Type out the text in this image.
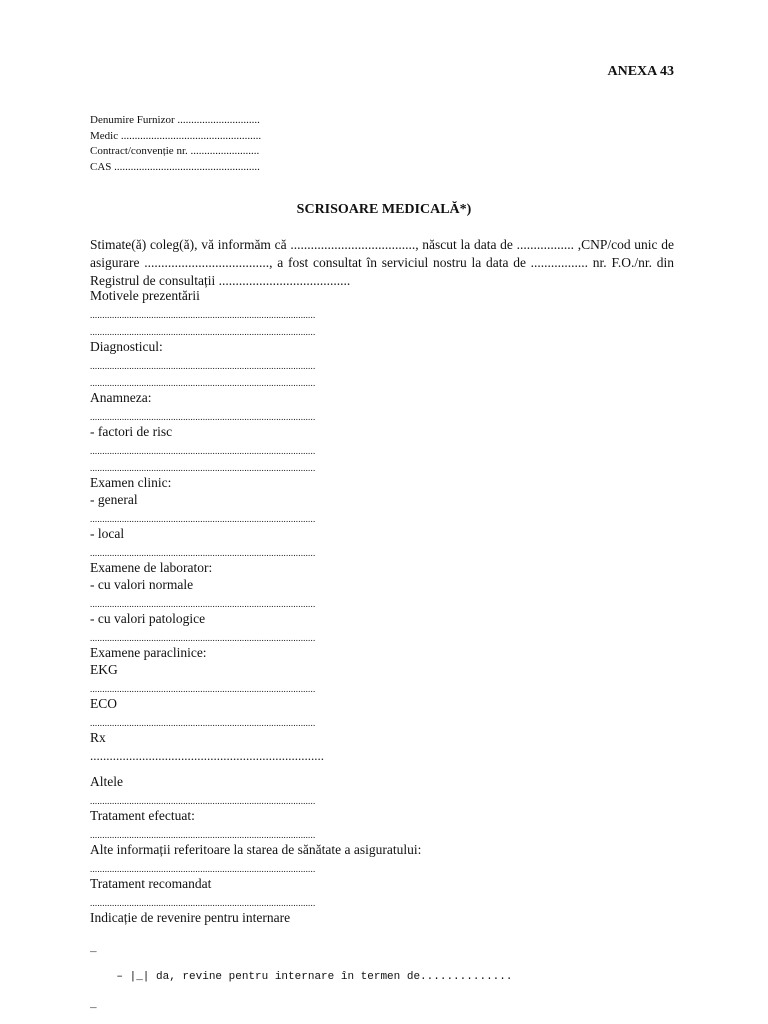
ANEXA 43
Denumire Furnizor ..............................
Medic ...................................................
Contract/convenție nr. .........................
CAS .....................................................
SCRISOARE MEDICALĂ*)
Stimate(ă) coleg(ă), vă informăm că ....................................., născut la data de ................. ,CNP/cod unic de asigurare ....................................., a fost consultat în serviciul nostru la data de ................. nr. F.O./nr. din Registrul de consultații .......................................
Motivele prezentării
............................................................................................
............................................................................................
Diagnosticul:
............................................................................................
............................................................................................
Anamneza:
............................................................................................
- factori de risc
............................................................................................
............................................................................................
Examen clinic:
- general
............................................................................................
- local
............................................................................................
Examene de laborator:
- cu valori normale
............................................................................................
- cu valori patologice
............................................................................................
Examene paraclinice:
EKG
............................................................................................
ECO
............................................................................................
Rx
........................................................................
Altele
............................................................................................
Tratament efectuat:
............................................................................................
Alte informații referitoare la starea de sănătate a asiguratului:
............................................................................................
Tratament recomandat
............................................................................................
Indicație de revenire pentru internare
_

– |_| da, revine pentru internare în termen de..............

_
